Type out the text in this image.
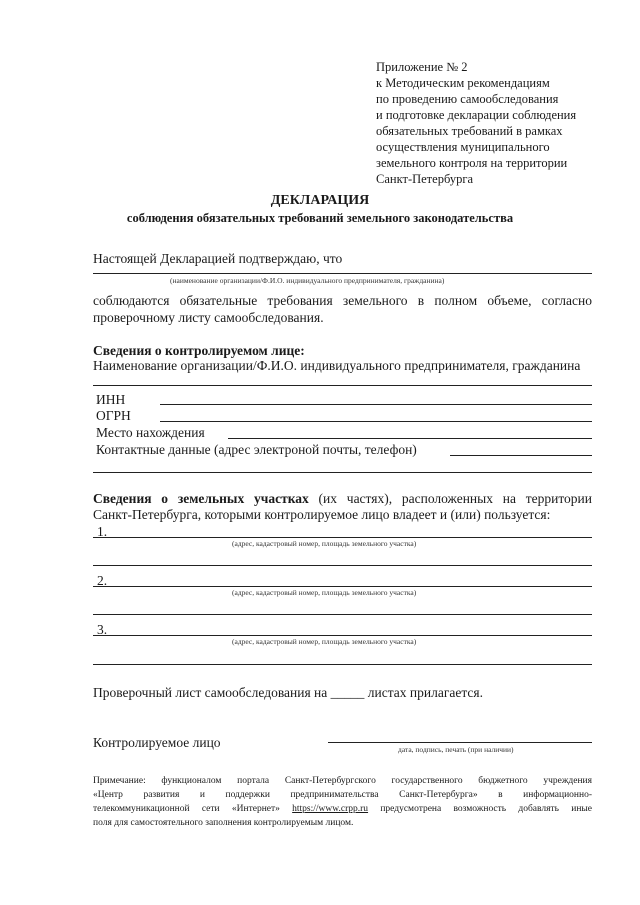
Приложение № 2
к Методическим рекомендациям
по проведению самообследования
и подготовке декларации соблюдения
обязательных требований в рамках
осуществления муниципального
земельного контроля на территории
Санкт-Петербурга
ДЕКЛАРАЦИЯ
соблюдения обязательных требований земельного законодательства
Настоящей Декларацией подтверждаю, что
(наименование организации/Ф.И.О. индивидуального предпринимателя, гражданина)
соблюдаются обязательные требования земельного в полном объеме, согласно
проверочному листу самообследования.
Сведения о контролируемом лице:
Наименование организации/Ф.И.О. индивидуального предпринимателя, гражданина
ИНН
ОГРН
Место нахождения
Контактные данные (адрес электроной почты, телефон)
Сведения о земельных участках (их частях), расположенных на территории
Санкт-Петербурга, которыми контролируемое лицо владеет и (или) пользуется:
1.
(адрес, кадастровый номер, площадь земельного участка)
2.
(адрес, кадастровый номер, площадь земельного участка)
3.
(адрес, кадастровый номер, площадь земельного участка)
Проверочный лист самообследования на _____ листах прилагается.
Контролируемое лицо	дата, подпись, печать (при наличии)
Примечание: функционалом портала Санкт-Петербургского государственного бюджетного учреждения
«Центр развития и поддержки предпринимательства Санкт-Петербурга» в информационно-
телекоммуникационной сети «Интернет» https://www.crpp.ru предусмотрена возможность добавлять иные
поля для самостоятельного заполнения контролируемым лицом.
